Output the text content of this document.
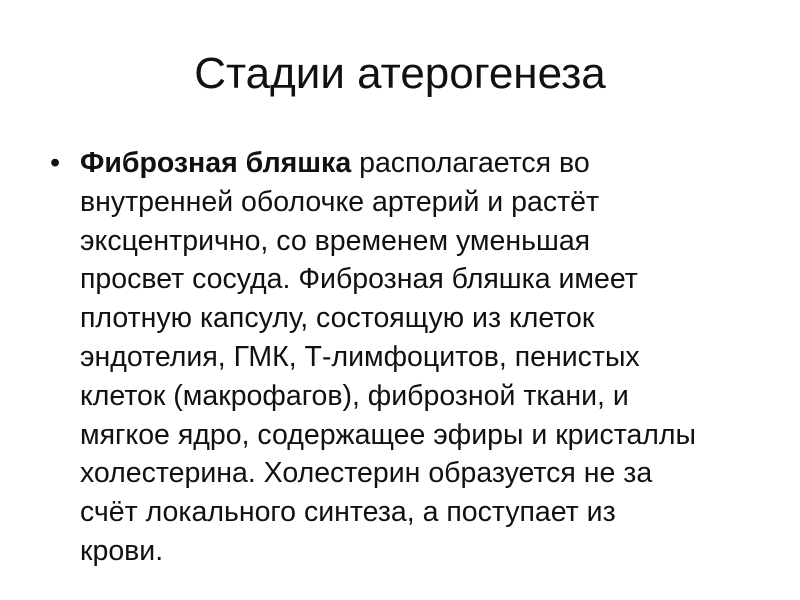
Стадии атерогенеза
• Фиброзная бляшка располагается во
внутренней оболочке артерий и растёт
эксцентрично, со временем уменьшая
просвет сосуда. Фиброзная бляшка имеет
плотную капсулу, состоящую из клеток
эндотелия, ГМК, Т-лимфоцитов, пенистых
клеток (макрофагов), фиброзной ткани, и
мягкое ядро, содержащее эфиры и кристаллы
холестерина. Холестерин образуется не за
счёт локального синтеза, а поступает из
крови.
